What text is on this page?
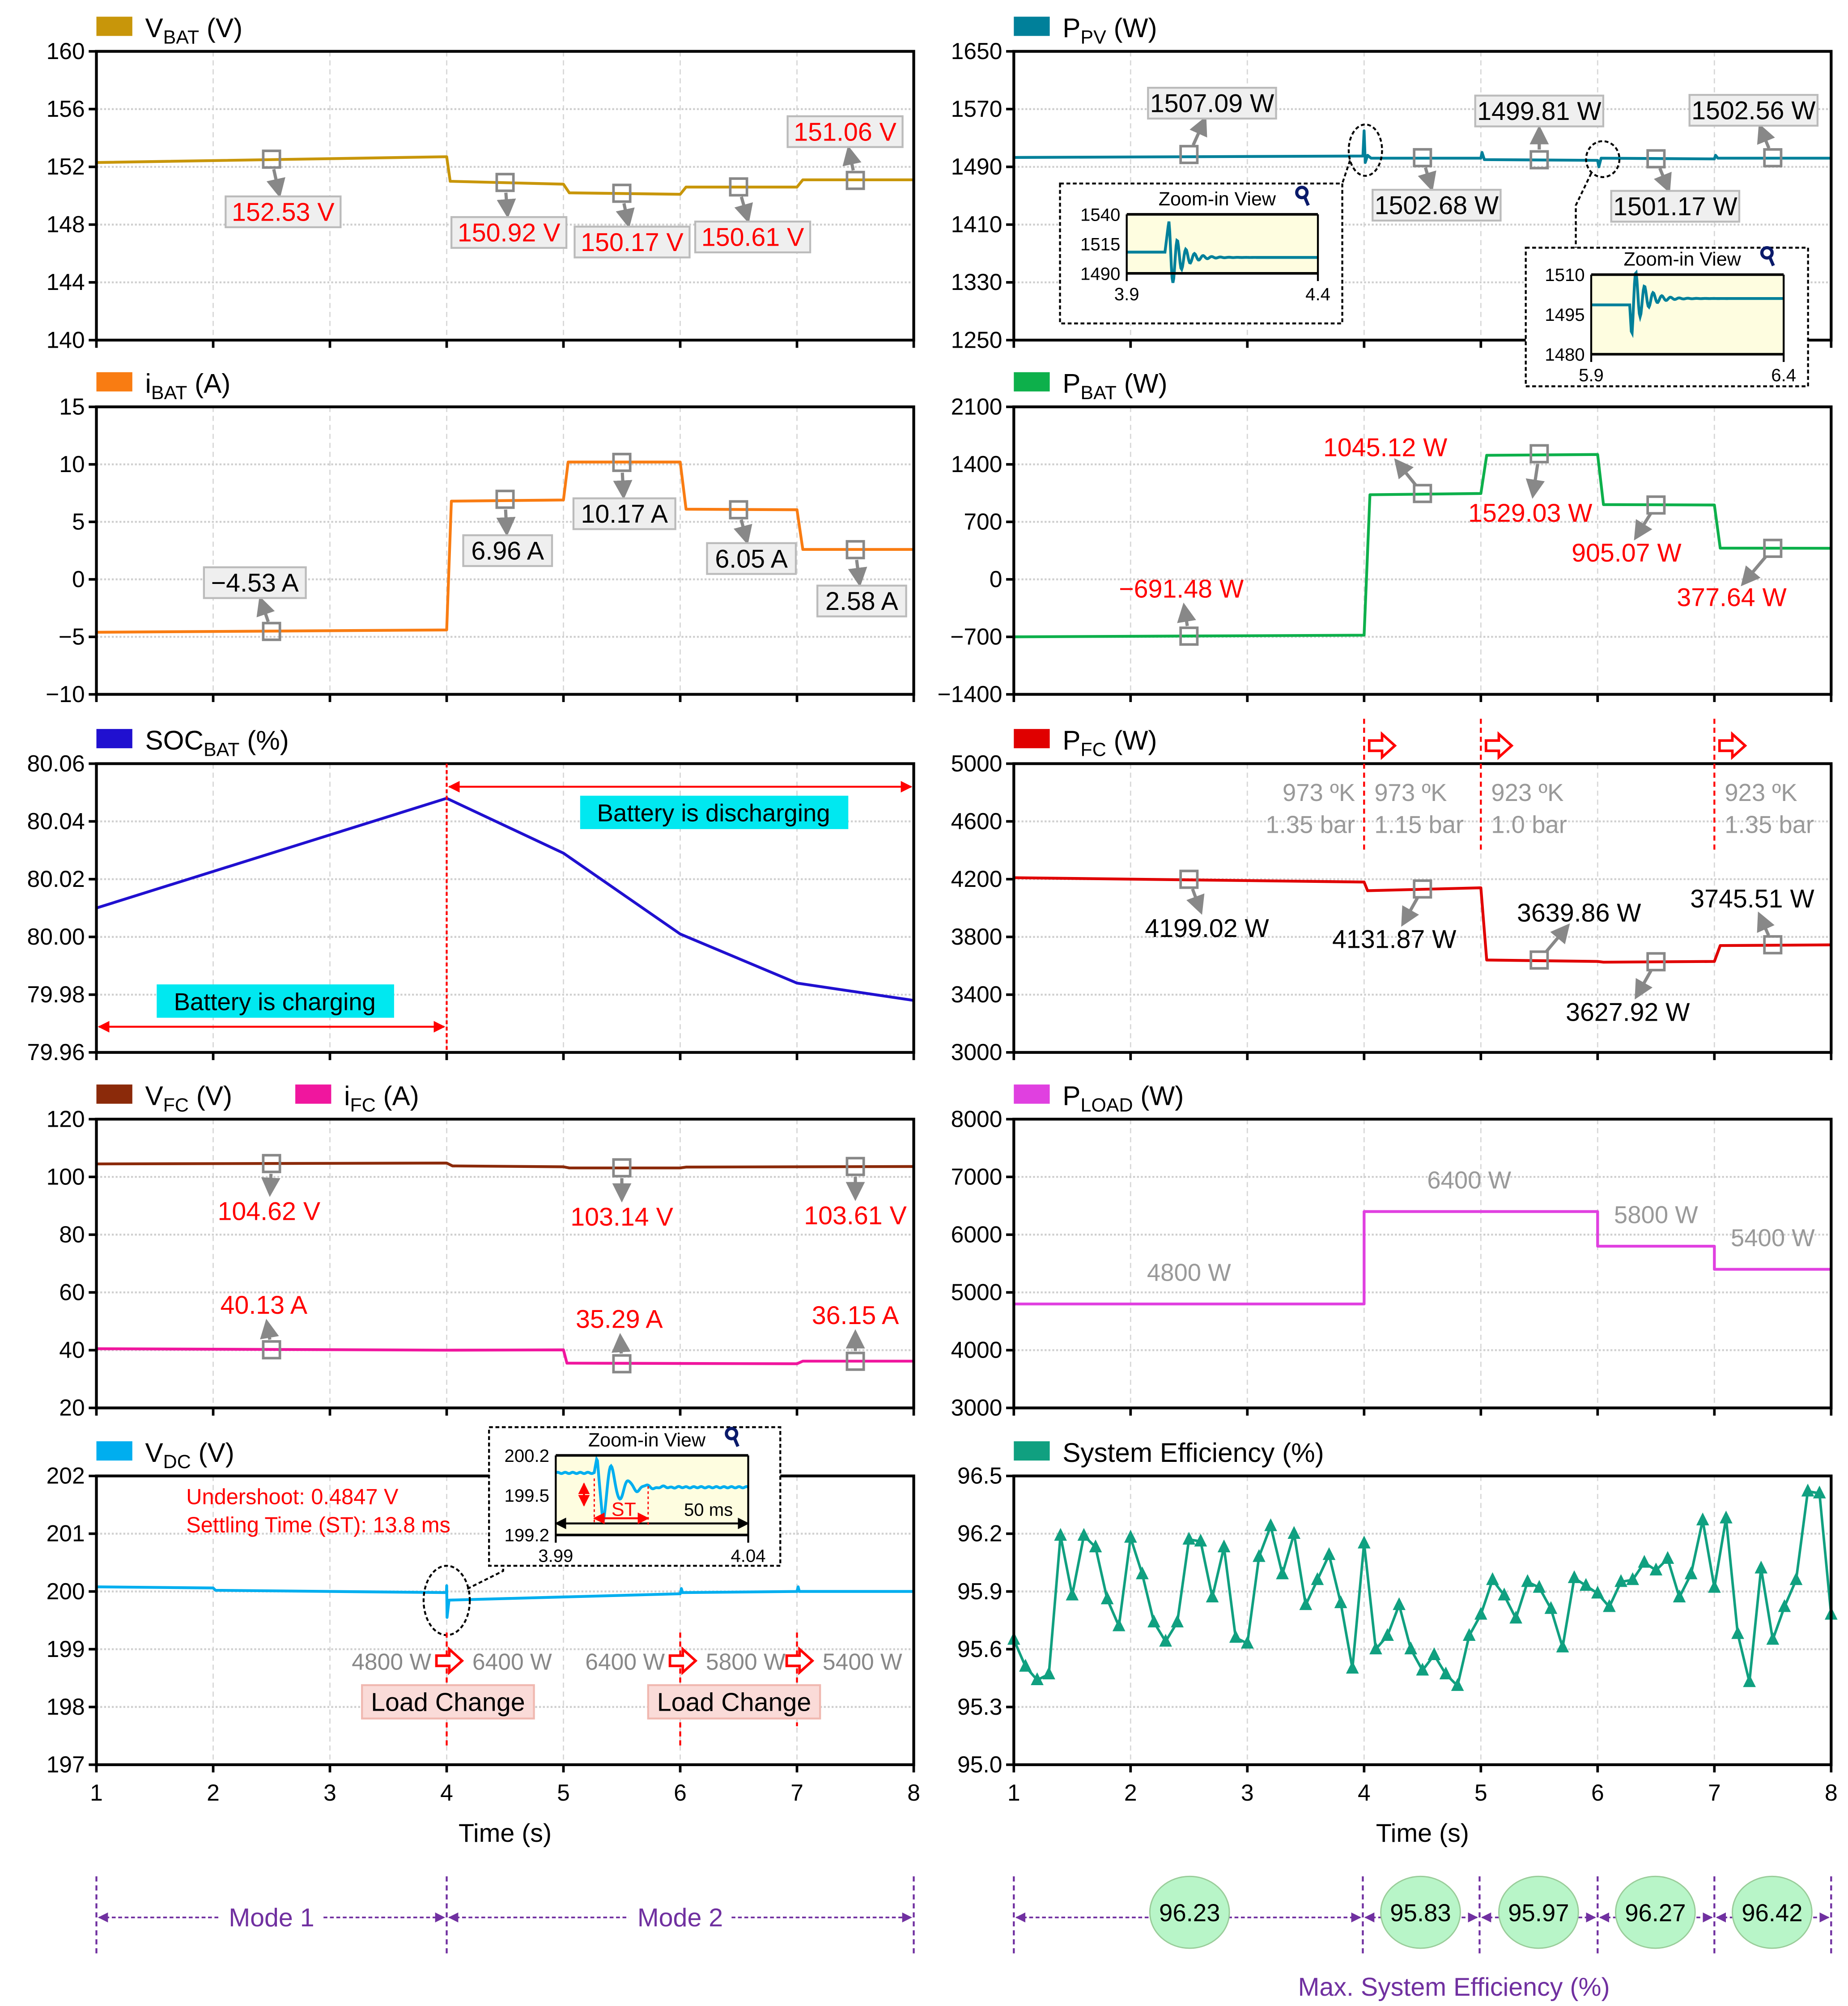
140
144
148
152
156
160
$V_{BAT}$ (V)
152.53 V
150.92 V 150.17 V 150.61 V
151.06 V
1250
1330
1410
1490
1570
1650
$P_{PV}$ (W)
1507.09 W
1502.68 W
1499.81 W
1501.17 W
1502.56 W
−10
−5
0
5
10
15
$i_{BAT}$ (A)
−4.53 A
6.96 A
10.17 A
6.05 A
2.58 A
−1400
−700
0
700
1400
2100
$P_{BAT}$ (W)
−691.48 W
1045.12 W
1529.03 W
905.07 W
377.64 W
79.96
79.98
80.00
80.02
80.04
80.06
$SOC_{BAT}$ (%)
Battery is charging
Battery is discharging
3000
3400
3800
4200
4600
5000
$P_{FC}$ (W)
4199.02 W	4131.87 W
3639.86 W
3627.92 W
3745.51 W
973 ºK
1.35 bar
973 ºK
1.15 bar
923 ºK
1.0 bar
923 ºK
1.35 bar
20
40
60
80
100
120
$V_{FC}$ (V)	$i_{FC}$ (A)
104.62 V	103.14 V	103.61 V
40.13 A	35.29 A	36.15 A
3000
4000
5000
6000
7000
8000
$P_{LOAD}$ (W)
4800 W
6400 W
5800 W
5400 W
197
198
199
200
201
202
1	2	3	4	5	6	7	8
Time (s)
$V_{DC}$ (V)
Undershoot: 0.4847 V
Settling Time (ST): 13.8 ms
4800 W	6400 W	6400 W	5800 W	5400 W
Load Change	Load Change
95.0
95.3
95.6
95.9
96.2
96.5
1	2	3	4	5	6	7	8
Time (s)
System Efficiency (%)
1540
1515
1490
3.9	4.4
Zoom-in View
1510
1495
1480
5.9	6.4
Zoom-in View
200.2
199.5
199.2
3.99	4.04
Zoom-in View
ST	50 ms
Mode 1	Mode 2	96.23	95.83	95.97	96.27	96.42
Max. System Efficiency (%)
